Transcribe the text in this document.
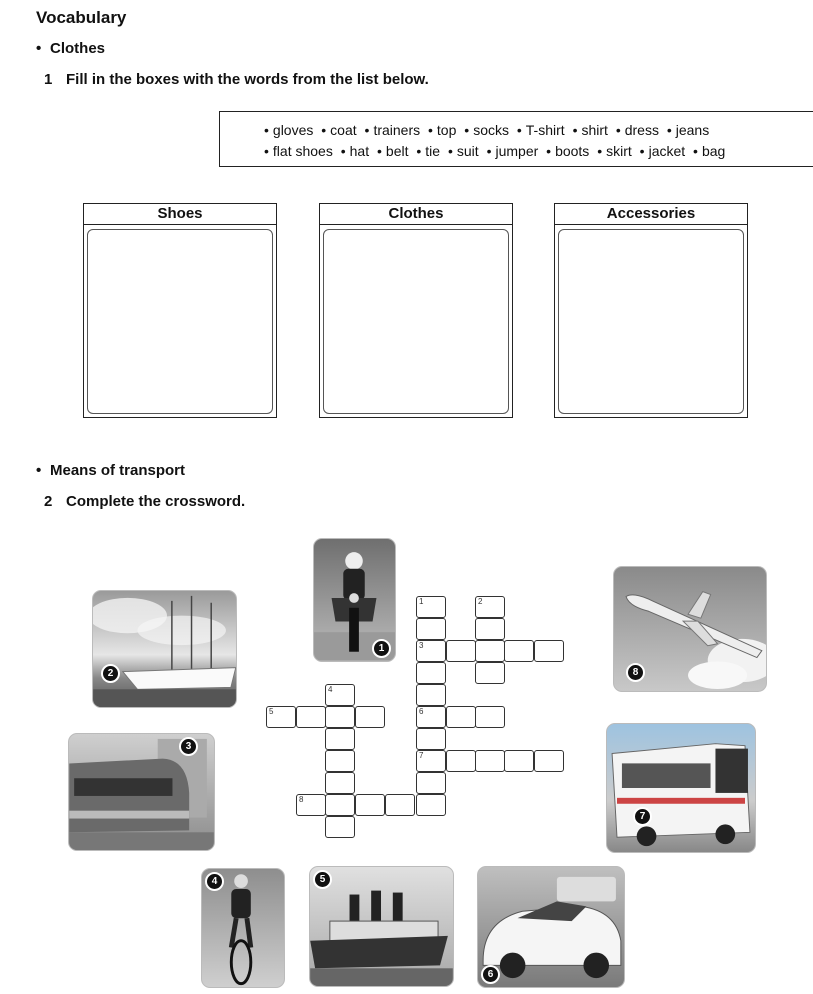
Vocabulary
• Clothes
1 Fill in the boxes with the words from the list below.
• gloves • coat • trainers • top • socks • T-shirt • shirt • dress • jeans
• flat shoes • hat • belt • tie • suit • jumper • boots • skirt • jacket • bag
Shoes	Clothes	Accessories
• Means of transport
2 Complete the crossword.
1
2
3
4	5
6
7
8
1
3
6
7
2
4
5
8
